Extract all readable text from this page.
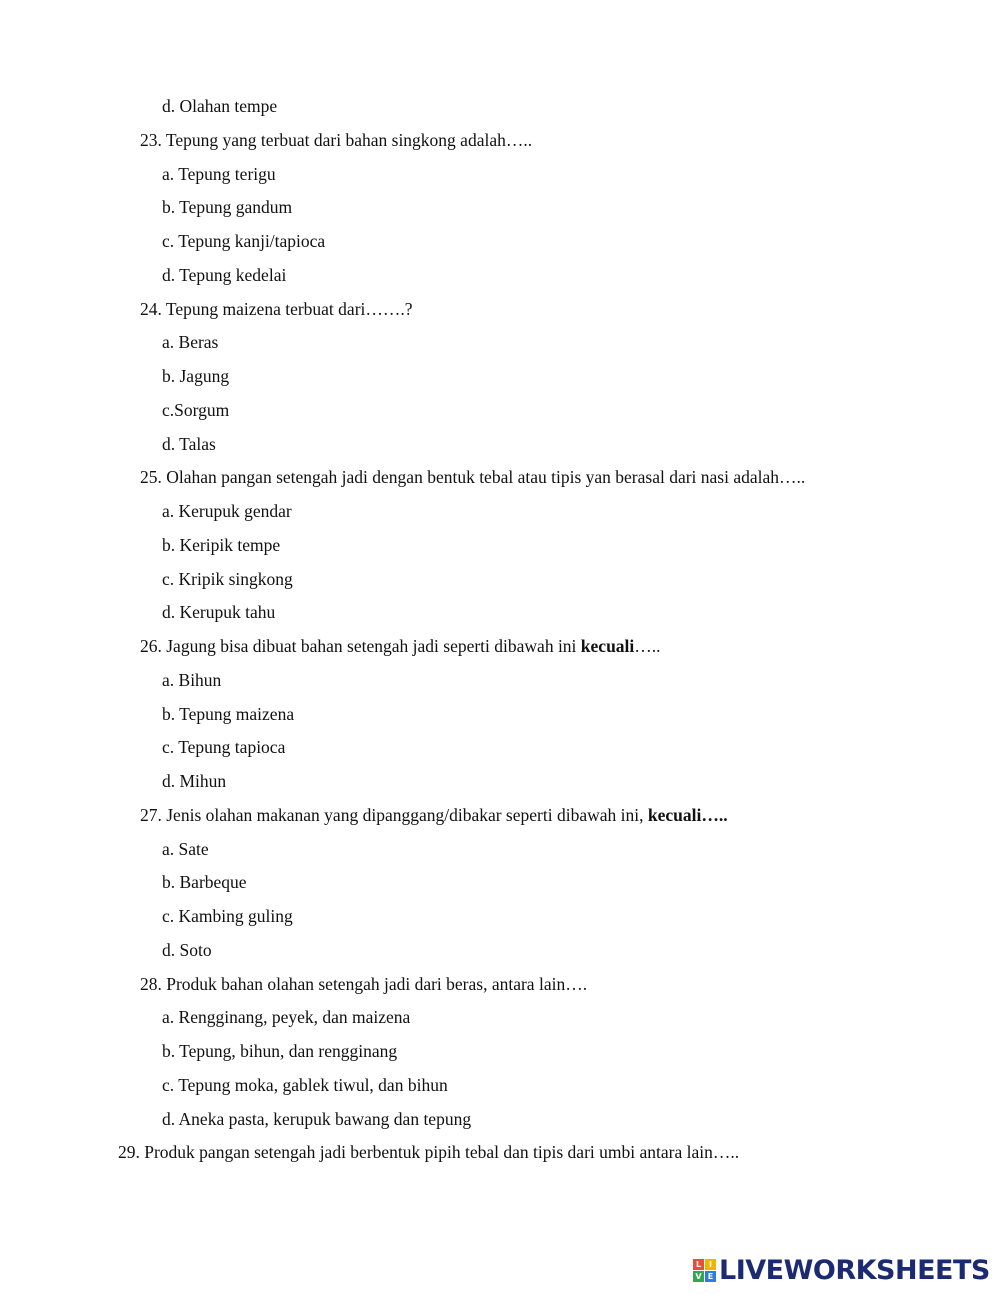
d. Olahan tempe
23. Tepung yang terbuat dari bahan singkong adalah…..
a. Tepung terigu
b. Tepung gandum
c. Tepung kanji/tapioca
d. Tepung kedelai
24. Tepung maizena terbuat dari…….?
a. Beras
b. Jagung
c.Sorgum
d. Talas
25. Olahan pangan setengah jadi dengan bentuk tebal atau tipis yan berasal dari nasi adalah…..
a. Kerupuk gendar
b. Keripik tempe
c. Kripik singkong
d. Kerupuk tahu
26. Jagung bisa dibuat bahan setengah jadi seperti dibawah ini kecuali…..
a. Bihun
b. Tepung maizena
c. Tepung tapioca
d. Mihun
27. Jenis olahan makanan yang dipanggang/dibakar seperti dibawah ini, kecuali…..
a. Sate
b. Barbeque
c. Kambing guling
d. Soto
28. Produk bahan olahan setengah jadi dari beras, antara lain….
a. Rengginang, peyek, dan maizena
b. Tepung, bihun, dan rengginang
c. Tepung moka, gablek tiwul, dan bihun
d. Aneka pasta, kerupuk bawang dan tepung
29. Produk pangan setengah jadi berbentuk pipih tebal dan tipis dari umbi antara lain…..
L I
V E LIVEWORKSHEETS
